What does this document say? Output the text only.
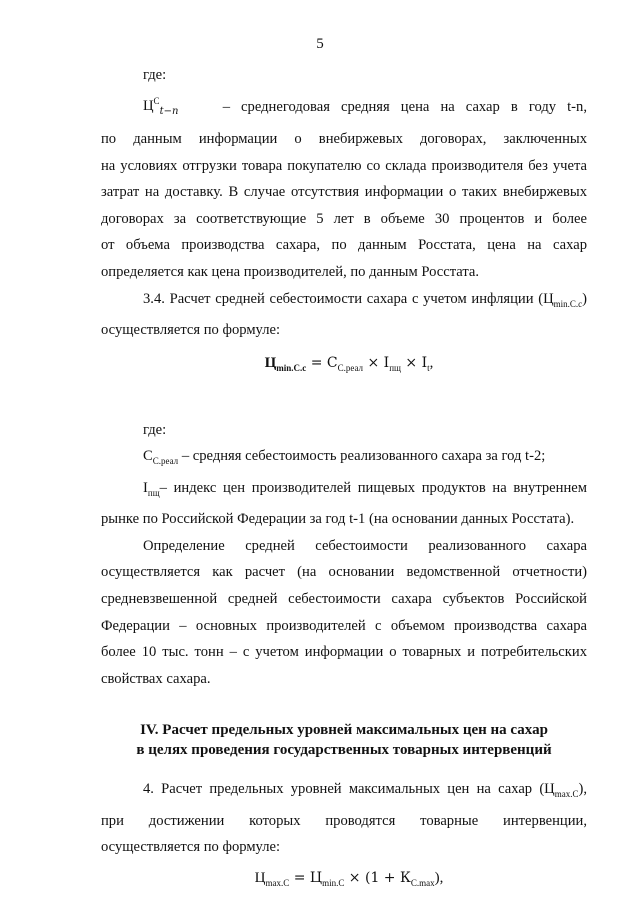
5

где:

$Ц^C_{t-n}$	– среднегодовая средняя цена на сахар в году t-n,

по данным информации о внебиржевых договорах, заключенных

на условиях отгрузки товара покупателю со склада производителя без учета

затрат на доставку. В случае отсутствия информации о таких внебиржевых

договорах за соответствующие 5 лет в объеме 30 процентов и более

от объема производства сахара, по данным Росстата, цена на сахар

определяется как цена производителей, по данным Росстата.

3.4. Расчет средней себестоимости сахара с учетом инфляции $(Ц_{min.C.c})$

осуществляется по формуле:

$Ц_{min.C.c} = С_{C.реал} \times I_{пщ} \times I_t$,

где:

$С_{C.реал}$ – средняя себестоимость реализованного сахара за год t-2;

$I_{пщ}-$ индекс цен производителей пищевых продуктов на внутреннем

рынке по Российской Федерации за год t-1 (на основании данных Росстата).

Определение средней себестоимости реализованного сахара

осуществляется как расчет (на основании ведомственной отчетности)

средневзвешенной средней себестоимости сахара субъектов Российской

Федерации – основных производителей с объемом производства сахара

более 10 тыс. тонн – с учетом информации о товарных и потребительских

свойствах сахара.

IV. Расчет предельных уровней максимальных цен на сахар

в целях проведения государственных товарных интервенций

4. Расчет предельных уровней максимальных цен на сахар $(Ц_{max.C})$,

при достижении которых проводятся товарные интервенции,

осуществляется по формуле:

$Ц_{max.C} = Ц_{min.C} \times (1 + К_{C.max})$,
